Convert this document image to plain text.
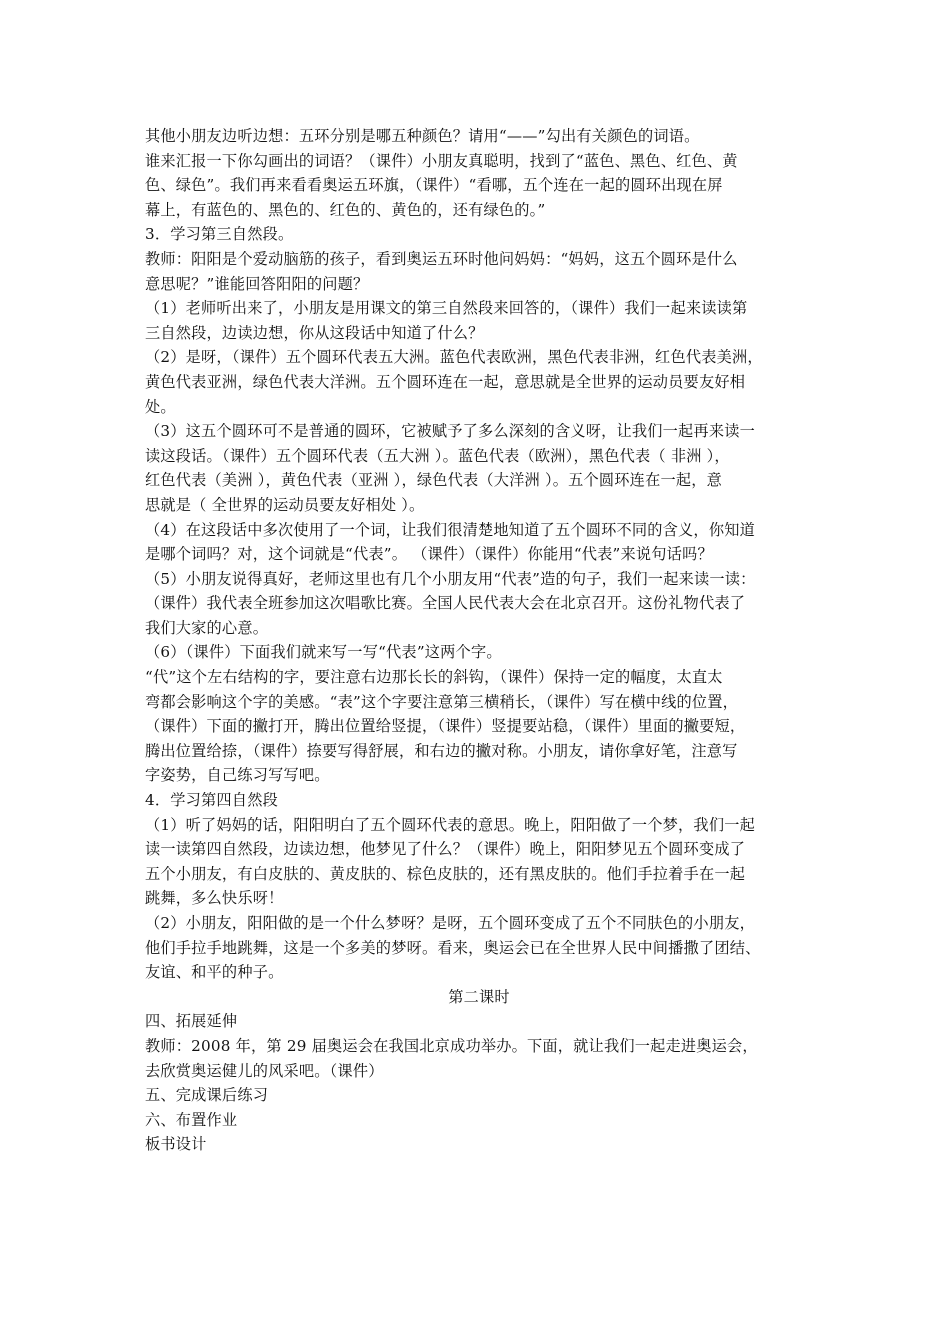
其他小朋友边听边想：五环分别是哪五种颜色？请用“——”勾出有关颜色的词语。
谁来汇报一下你勾画出的词语？（课件）小朋友真聪明，找到了“蓝色、黑色、红色、黄
色、绿色”。我们再来看看奥运五环旗，（课件）“看哪，五个连在一起的圆环出现在屏
幕上，有蓝色的、黑色的、红色的、黄色的，还有绿色的。”
3．学习第三自然段。
教师：阳阳是个爱动脑筋的孩子，看到奥运五环时他问妈妈：“妈妈，这五个圆环是什么
意思呢？”谁能回答阳阳的问题？
（1）老师听出来了，小朋友是用课文的第三自然段来回答的，（课件）我们一起来读读第
三自然段，边读边想，你从这段话中知道了什么？
（2）是呀，（课件）五个圆环代表五大洲。蓝色代表欧洲，黑色代表非洲，红色代表美洲，
黄色代表亚洲，绿色代表大洋洲。五个圆环连在一起，意思就是全世界的运动员要友好相
处。
（3）这五个圆环可不是普通的圆环，它被赋予了多么深刻的含义呀，让我们一起再来读一
读这段话。（课件）五个圆环代表（五大洲 ）。蓝色代表（欧洲），黑色代表（ 非洲 ），
红色代表（美洲 ），黄色代表（亚洲 ），绿色代表（大洋洲 ）。五个圆环连在一起，意
思就是（ 全世界的运动员要友好相处 ）。
（4）在这段话中多次使用了一个词，让我们很清楚地知道了五个圆环不同的含义，你知道
是哪个词吗？对，这个词就是“代表”。 （课件）（课件）你能用“代表”来说句话吗？
（5）小朋友说得真好，老师这里也有几个小朋友用“代表”造的句子，我们一起来读一读：
（课件）我代表全班参加这次唱歌比赛。全国人民代表大会在北京召开。这份礼物代表了
我们大家的心意。
（6）（课件）下面我们就来写一写“代表”这两个字。
“代”这个左右结构的字，要注意右边那长长的斜钩，（课件）保持一定的幅度，太直太
弯都会影响这个字的美感。“表”这个字要注意第三横稍长，（课件）写在横中线的位置，
（课件）下面的撇打开，腾出位置给竖提，（课件）竖提要站稳，（课件）里面的撇要短，
腾出位置给捺，（课件）捺要写得舒展，和右边的撇对称。小朋友，请你拿好笔，注意写
字姿势，自己练习写写吧。
4．学习第四自然段
（1）听了妈妈的话，阳阳明白了五个圆环代表的意思。晚上，阳阳做了一个梦，我们一起
读一读第四自然段，边读边想，他梦见了什么？（课件）晚上，阳阳梦见五个圆环变成了
五个小朋友，有白皮肤的、黄皮肤的、棕色皮肤的，还有黑皮肤的。他们手拉着手在一起
跳舞，多么快乐呀！
（2）小朋友，阳阳做的是一个什么梦呀？是呀，五个圆环变成了五个不同肤色的小朋友，
他们手拉手地跳舞，这是一个多美的梦呀。看来，奥运会已在全世界人民中间播撒了团结、
友谊、和平的种子。
第二课时
四、拓展延伸
教师：2008 年，第 29 届奥运会在我国北京成功举办。下面，就让我们一起走进奥运会，
去欣赏奥运健儿的风采吧。（课件）
五、完成课后练习
六、布置作业
板书设计
